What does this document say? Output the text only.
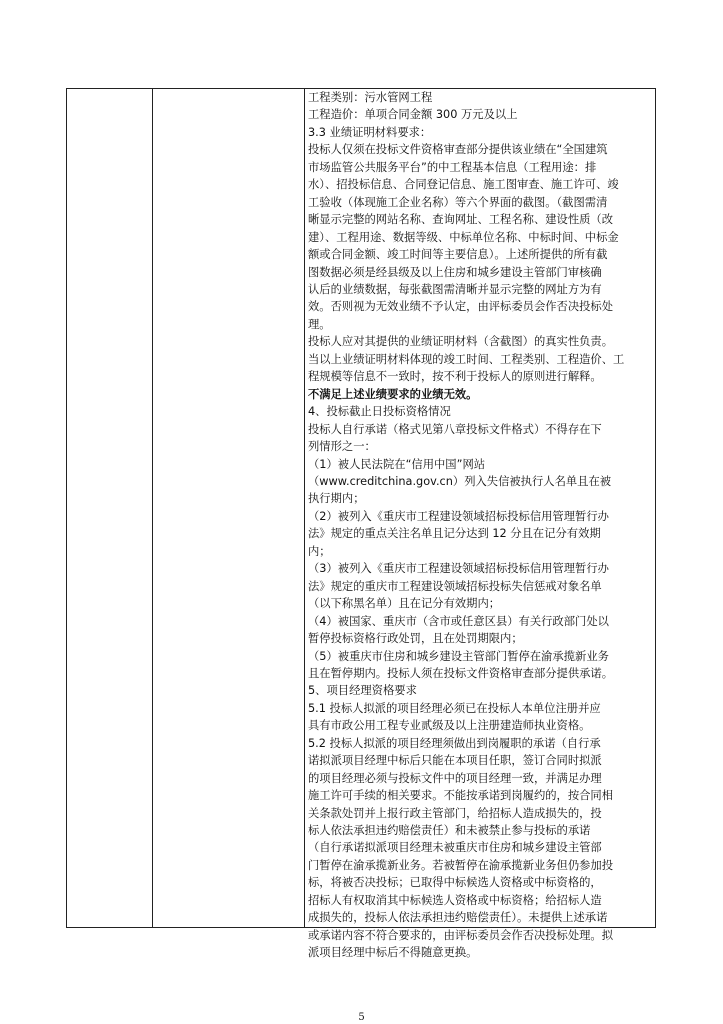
工程类别：污水管网工程
工程造价：单项合同金额 300 万元及以上
3.3 业绩证明材料要求：
投标人仅须在投标文件资格审查部分提供该业绩在“全国建筑
市场监管公共服务平台”的中工程基本信息（工程用途：排
水）、招投标信息、合同登记信息、施工图审查、施工许可、竣
工验收（体现施工企业名称）等六个界面的截图。（截图需清
晰显示完整的网站名称、查询网址、工程名称、建设性质（改
建）、工程用途、数据等级、中标单位名称、中标时间、中标金
额或合同金额、竣工时间等主要信息）。上述所提供的所有截
图数据必须是经县级及以上住房和城乡建设主管部门审核确
认后的业绩数据，每张截图需清晰并显示完整的网址方为有
效。否则视为无效业绩不予认定，由评标委员会作否决投标处
理。
投标人应对其提供的业绩证明材料（含截图）的真实性负责。
当以上业绩证明材料体现的竣工时间、工程类别、工程造价、工
程规模等信息不一致时，按不利于投标人的原则进行解释。
不满足上述业绩要求的业绩无效。
4、投标截止日投标资格情况
投标人自行承诺（格式见第八章投标文件格式）不得存在下
列情形之一：
（1）被人民法院在“信用中国”网站
（www.creditchina.gov.cn）列入失信被执行人名单且在被
执行期内；
（2）被列入《重庆市工程建设领域招标投标信用管理暂行办
法》规定的重点关注名单且记分达到 12 分且在记分有效期
内；
（3）被列入《重庆市工程建设领域招标投标信用管理暂行办
法》规定的重庆市工程建设领域招标投标失信惩戒对象名单
（以下称黑名单）且在记分有效期内；
（4）被国家、重庆市（含市或任意区县）有关行政部门处以
暂停投标资格行政处罚，且在处罚期限内；
（5）被重庆市住房和城乡建设主管部门暂停在渝承揽新业务
且在暂停期内。投标人须在投标文件资格审查部分提供承诺。
5、项目经理资格要求
5.1 投标人拟派的项目经理必须已在投标人本单位注册并应
具有市政公用工程专业贰级及以上注册建造师执业资格。
5.2 投标人拟派的项目经理须做出到岗履职的承诺（自行承
诺拟派项目经理中标后只能在本项目任职，签订合同时拟派
的项目经理必须与投标文件中的项目经理一致，并满足办理
施工许可手续的相关要求。不能按承诺到岗履约的，按合同相
关条款处罚并上报行政主管部门，给招标人造成损失的，投
标人依法承担违约赔偿责任）和未被禁止参与投标的承诺
（自行承诺拟派项目经理未被重庆市住房和城乡建设主管部
门暂停在渝承揽新业务。若被暂停在渝承揽新业务但仍参加投
标，将被否决投标；已取得中标候选人资格或中标资格的，
招标人有权取消其中标候选人资格或中标资格；给招标人造
成损失的，投标人依法承担违约赔偿责任）。未提供上述承诺
或承诺内容不符合要求的，由评标委员会作否决投标处理。拟
派项目经理中标后不得随意更换。
5
